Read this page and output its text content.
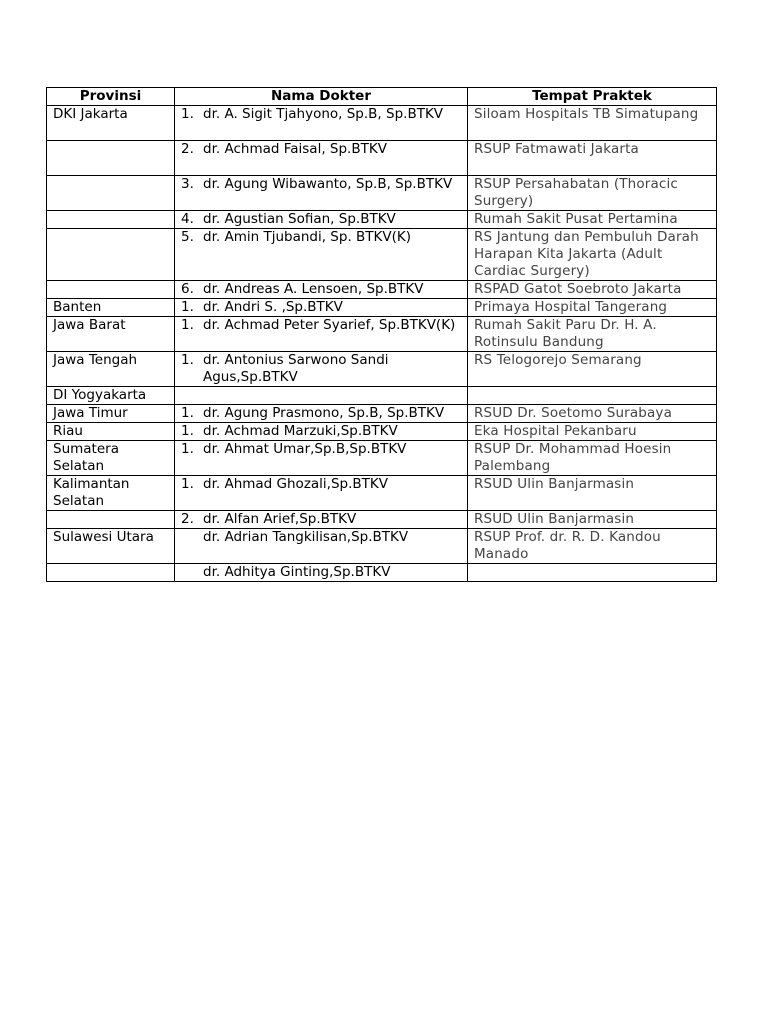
Provinsi	Nama Dokter	Tempat Praktek
DKI Jakarta	1. dr. A. Sigit Tjahyono, Sp.B, Sp.BTKV	Siloam Hospitals TB Simatupang

	2. dr. Achmad Faisal, Sp.BTKV	RSUP Fatmawati Jakarta

	3. dr. Agung Wibawanto, Sp.B, Sp.BTKV	RSUP Persahabatan (Thoracic Surgery)

	4. dr. Agustian Sofian, Sp.BTKV	Rumah Sakit Pusat Pertamina

	5. dr. Amin Tjubandi, Sp. BTKV(K)	RS Jantung dan Pembuluh Darah Harapan Kita Jakarta (Adult Cardiac Surgery)

	6. dr. Andreas A. Lensoen, Sp.BTKV	RSPAD Gatot Soebroto Jakarta
Banten	1. dr. Andri S. ,Sp.BTKV	Primaya Hospital Tangerang
Jawa Barat	1. dr. Achmad Peter Syarief, Sp.BTKV(K)	Rumah Sakit Paru Dr. H. A. Rotinsulu Bandung
Jawa Tengah	1. dr. Antonius Sarwono Sandi Agus,Sp.BTKV	RS Telogorejo Semarang
DI Yogyakarta	

Jawa Timur	1. dr. Agung Prasmono, Sp.B, Sp.BTKV	RSUD Dr. Soetomo Surabaya
Riau	1. dr. Achmad Marzuki,Sp.BTKV	Eka Hospital Pekanbaru
Sumatera Selatan	1. dr. Ahmat Umar,Sp.B,Sp.BTKV	RSUP Dr. Mohammad Hoesin Palembang
Kalimantan Selatan	1. dr. Ahmad Ghozali,Sp.BTKV	RSUD Ulin Banjarmasin

	2. dr. Alfan Arief,Sp.BTKV	RSUD Ulin Banjarmasin
Sulawesi Utara	dr. Adrian Tangkilisan,Sp.BTKV	RSUP Prof. dr. R. D. Kandou Manado

	dr. Adhitya Ginting,Sp.BTKV	
